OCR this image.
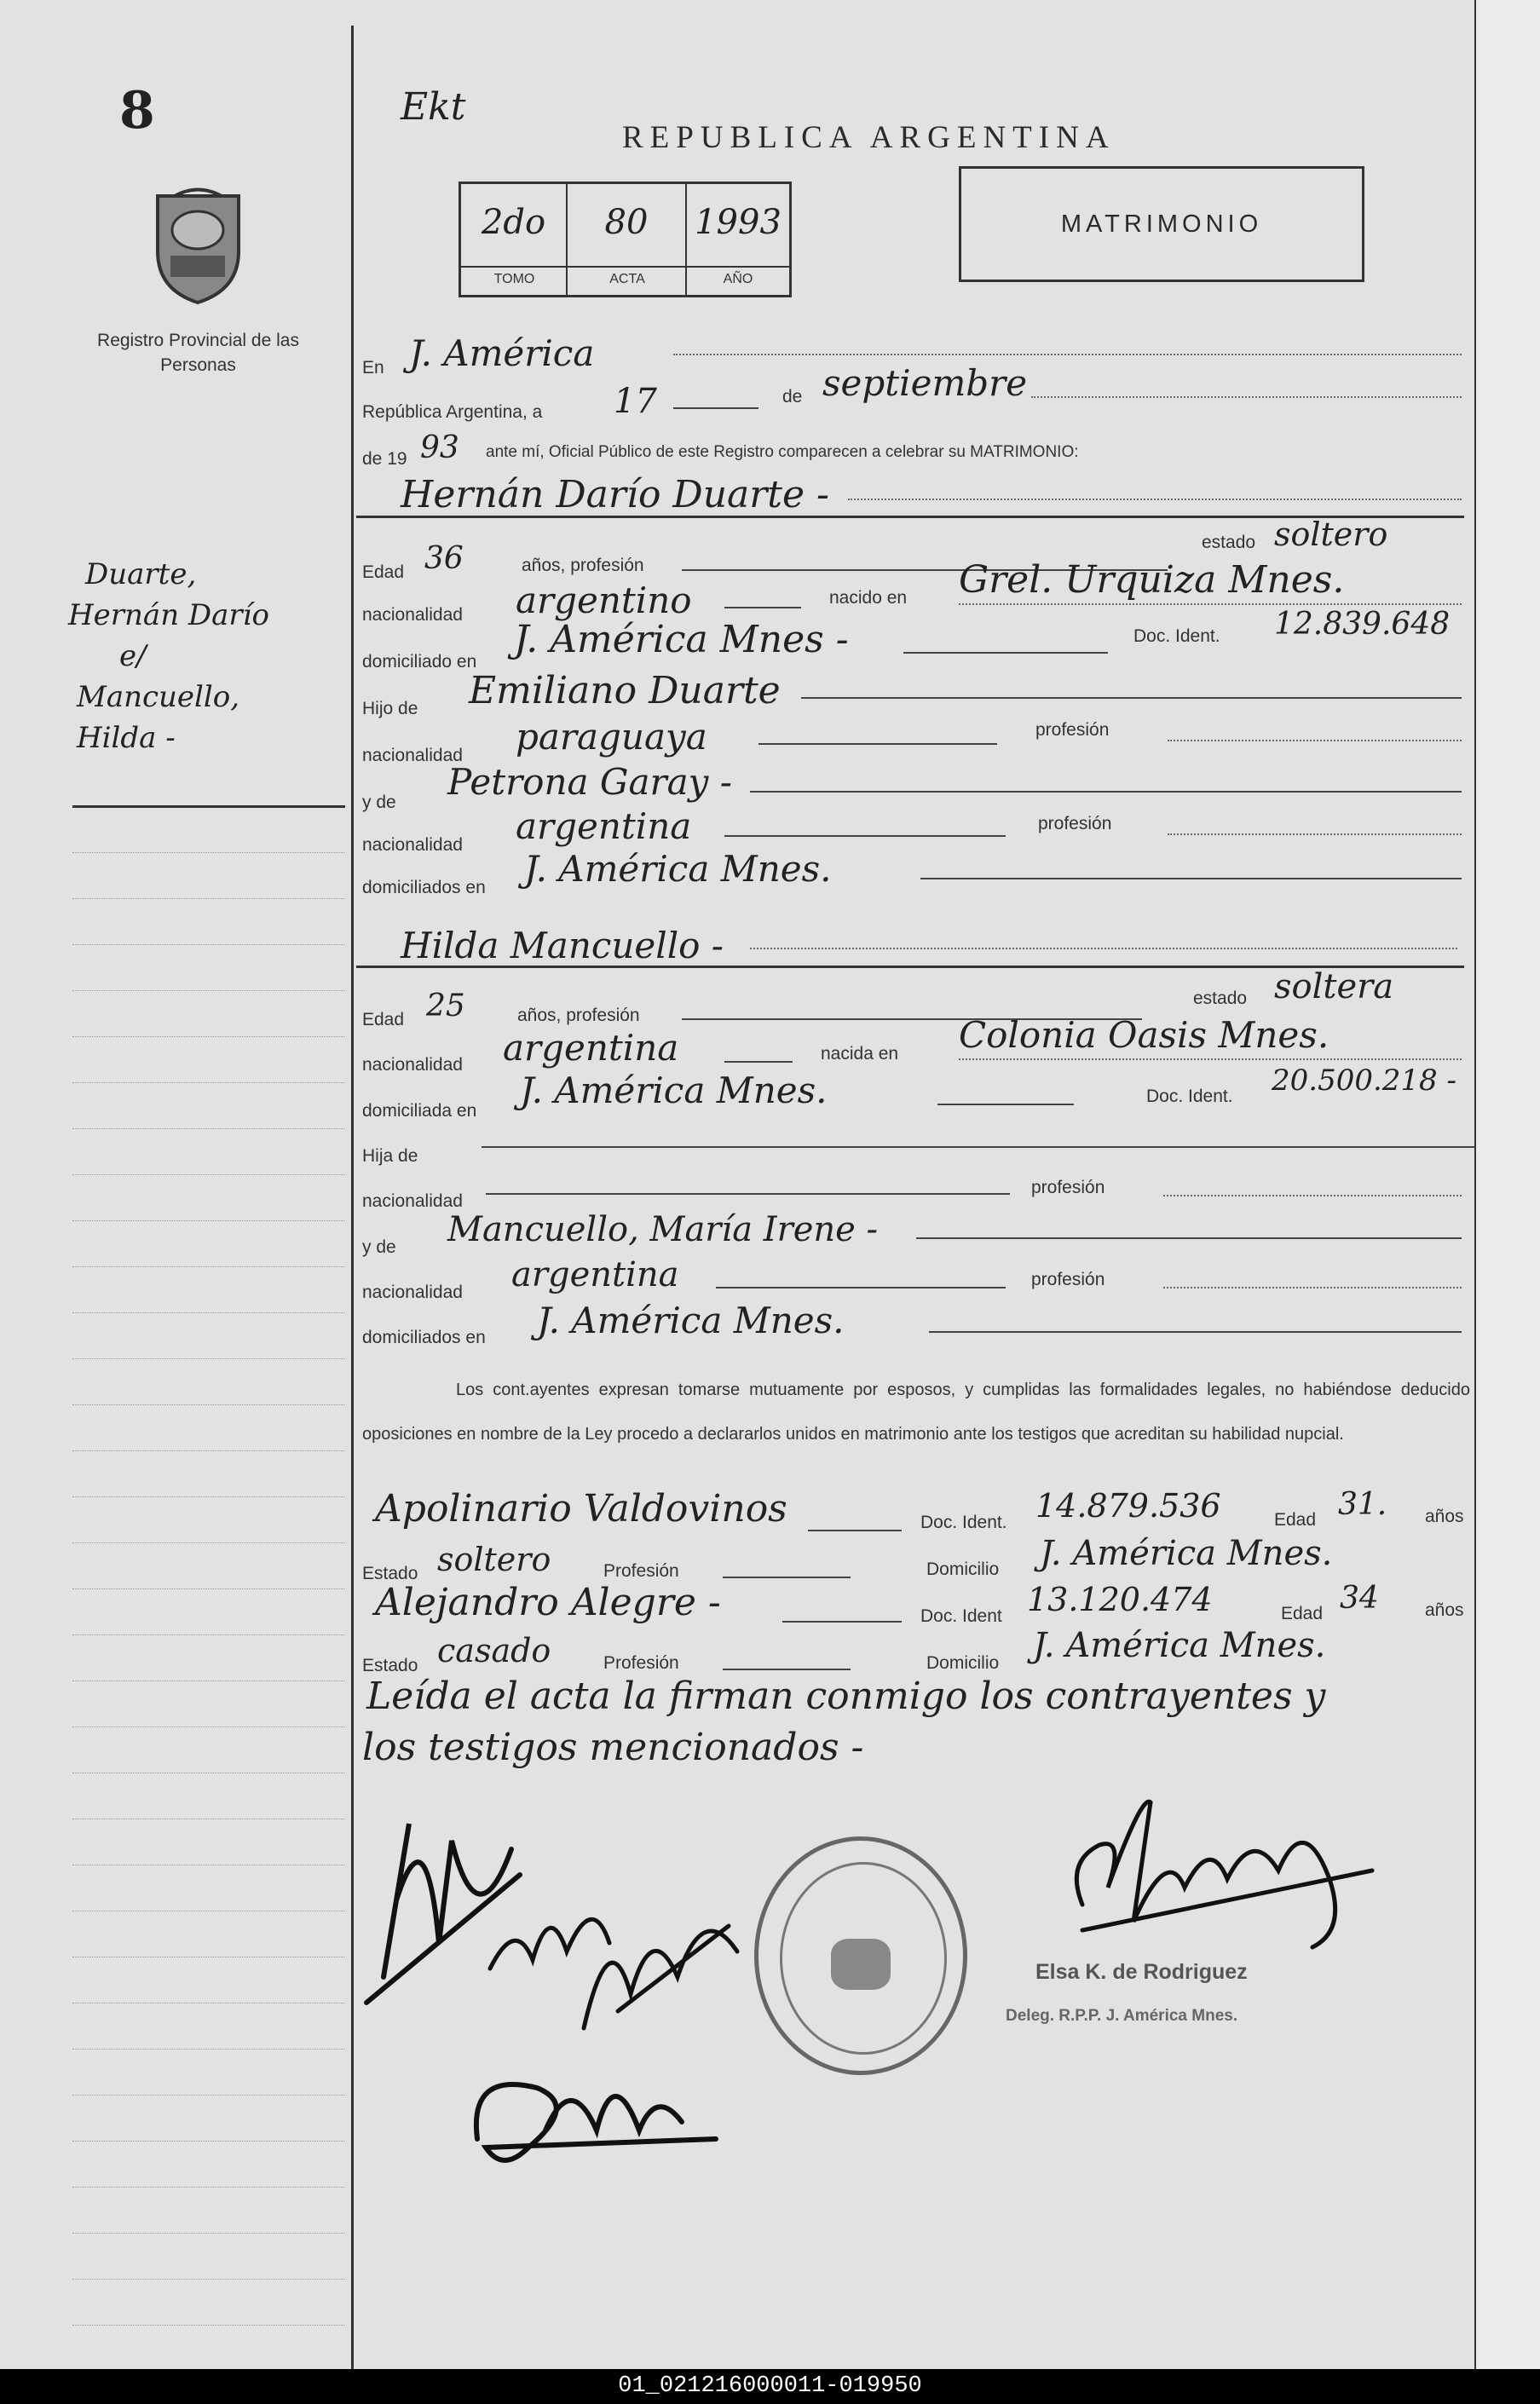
8
Registro Provincial de las Personas
Duarte,
Hernán Darío
e/
Mancuello,
Hilda -
Ekt
REPUBLICA ARGENTINA
2do	80	1993
TOMO	ACTA	AÑO
MATRIMONIO
En J. América
República Argentina, a 17	de septiembre
de 19 93 ante mí, Oficial Público de este Registro comparecen a celebrar su MATRIMONIO:
Hernán Darío Duarte -
Edad 36	años, profesión
estado soltero
nacionalidad argentino	nacido en Grel. Urquiza Mnes.
domiciliado en
J. América Mnes -	Doc. Ident. 12.839.648
Hijo de Emiliano Duarte
nacionalidad paraguaya	profesión
y de Petrona Garay -
nacionalidad argentina	profesión
domiciliados en J. América Mnes.
Hilda Mancuello -
Edad 25	años, profesión
estado soltera
nacionalidad argentina	nacida en Colonia Oasis Mnes.
domiciliada en J. América Mnes.	Doc. Ident. 20.500.218 -
Hija de
nacionalidad
profesión
y de Mancuello, María Irene -
nacionalidad argentina	profesión
domiciliados en J. América Mnes.
Los cont.ayentes expresan tomarse mutuamente por esposos, y cumplidas las formalidades legales, no habiéndose deducido oposiciones en nombre de la Ley procedo a declararlos unidos en matrimonio ante los testigos que acreditan su habilidad nupcial.
Apolinario Valdovinos	Doc. Ident. 14.879.536	Edad 31. años
Estado soltero	Profesión	Domicilio J. América Mnes.
Alejandro Alegre -	Doc. Ident 13.120.474	Edad 34	años
Estado casado	Profesión	Domicilio J. América Mnes.
Leída el acta la firman conmigo los contrayentes y
los testigos mencionados -
Elsa K. de Rodriguez
Deleg. R.P.P. J. América Mnes.
01_021216000011-019950
